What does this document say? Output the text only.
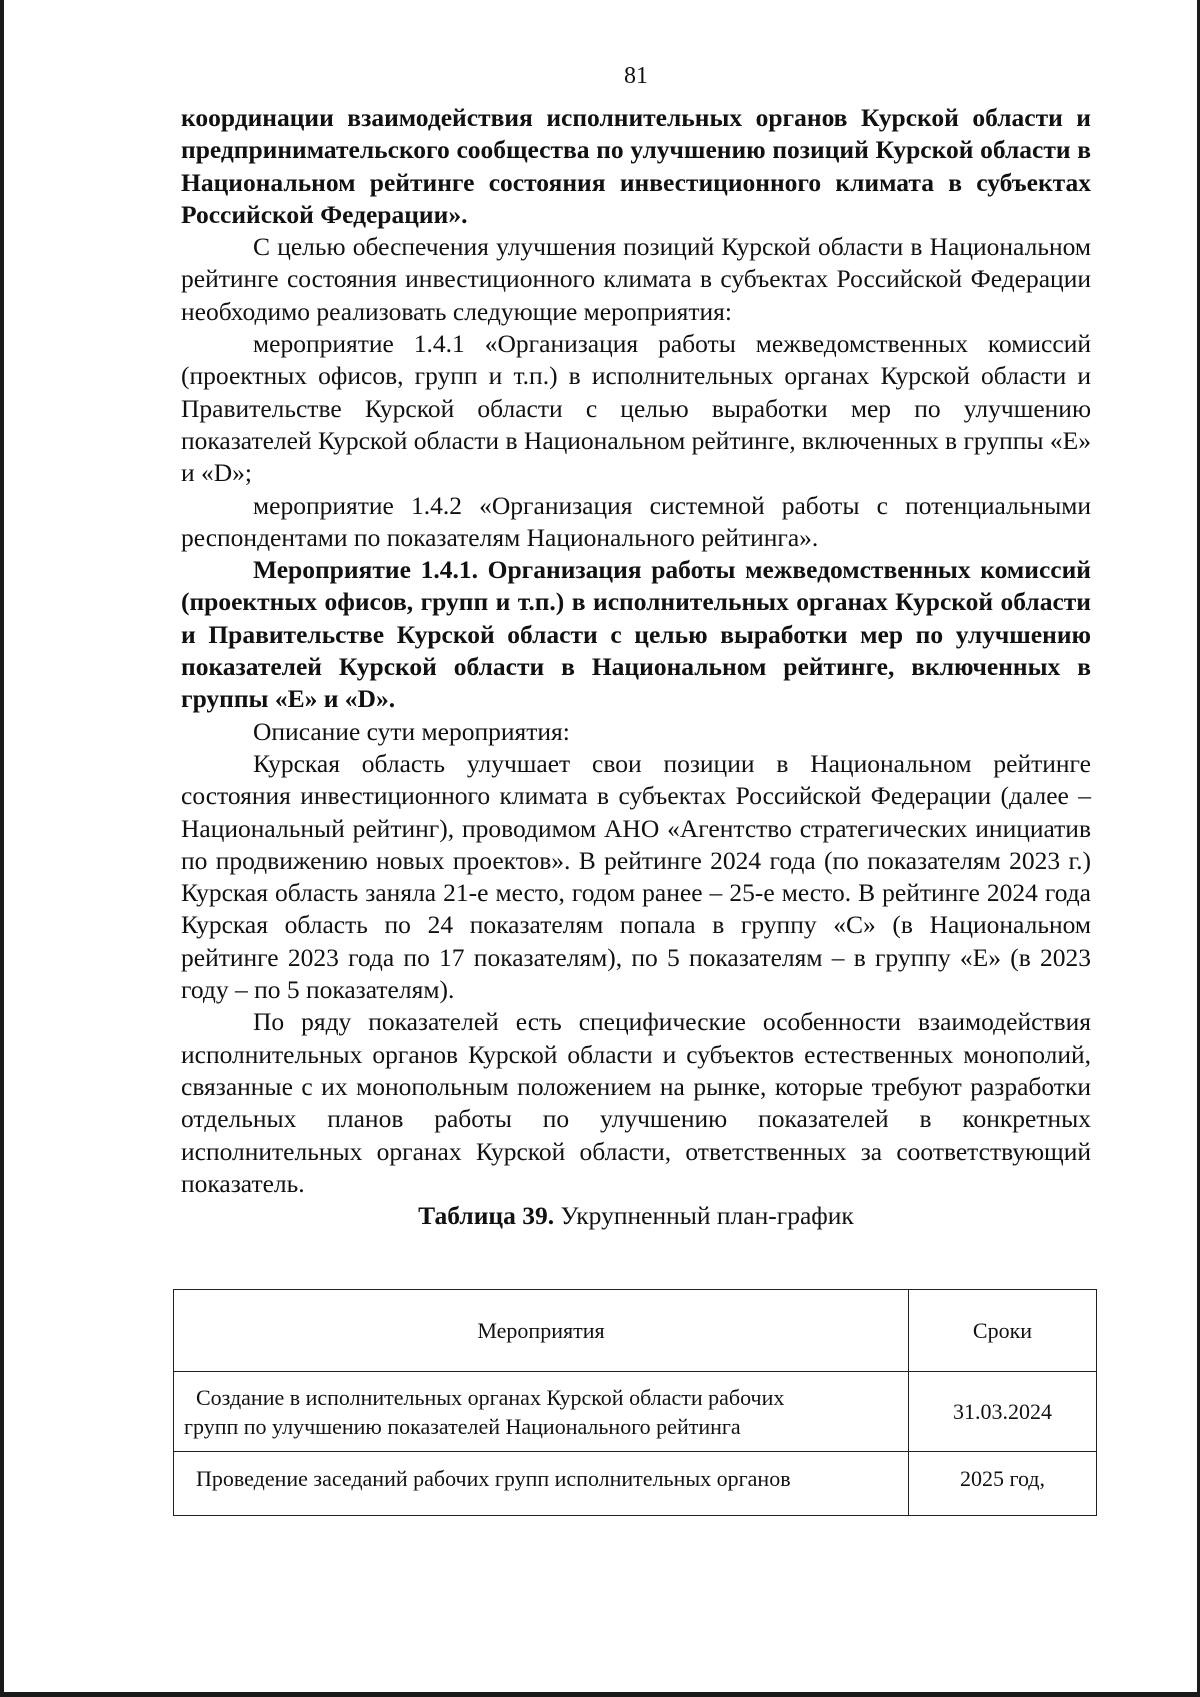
81

координации взаимодействия исполнительных органов Курской области и предпринимательского сообщества по улучшению позиций Курской области в Национальном рейтинге состояния инвестиционного климата в субъектах Российской Федерации».

С целью обеспечения улучшения позиций Курской области в Национальном рейтинге состояния инвестиционного климата в субъектах Российской Федерации необходимо реализовать следующие мероприятия:

мероприятие 1.4.1 «Организация работы межведомственных комиссий (проектных офисов, групп и т.п.) в исполнительных органах Курской области и Правительстве Курской области с целью выработки мер по улучшению показателей Курской области в Национальном рейтинге, включенных в группы «E» и «D»;

мероприятие 1.4.2 «Организация системной работы с потенциальными респондентами по показателям Национального рейтинга».

Мероприятие 1.4.1. Организация работы межведомственных комиссий (проектных офисов, групп и т.п.) в исполнительных органах Курской области и Правительстве Курской области с целью выработки мер по улучшению показателей Курской области в Национальном рейтинге, включенных в группы «E» и «D».

Описание сути мероприятия:

Курская область улучшает свои позиции в Национальном рейтинге состояния инвестиционного климата в субъектах Российской Федерации (далее – Национальный рейтинг), проводимом АНО «Агентство стратегических инициатив по продвижению новых проектов». В рейтинге 2024 года (по показателям 2023 г.) Курская область заняла 21-е место, годом ранее – 25-е место. В рейтинге 2024 года Курская область по 24 показателям попала в группу «С» (в Национальном рейтинге 2023 года по 17 показателям), по 5 показателям – в группу «Е» (в 2023 году – по 5 показателям).

По ряду показателей есть специфические особенности взаимодействия исполнительных органов Курской области и субъектов естественных монополий, связанные с их монопольным положением на рынке, которые требуют разработки отдельных планов работы по улучшению показателей в конкретных исполнительных органах Курской области, ответственных за соответствующий показатель.

Таблица 39. Укрупненный план-график
Мероприятия	Сроки

Создание в исполнительных органах Курской области рабочих
групп по улучшению показателей Национального рейтинга	31.03.2024
Проведение заседаний рабочих групп исполнительных органов	2025 год,
